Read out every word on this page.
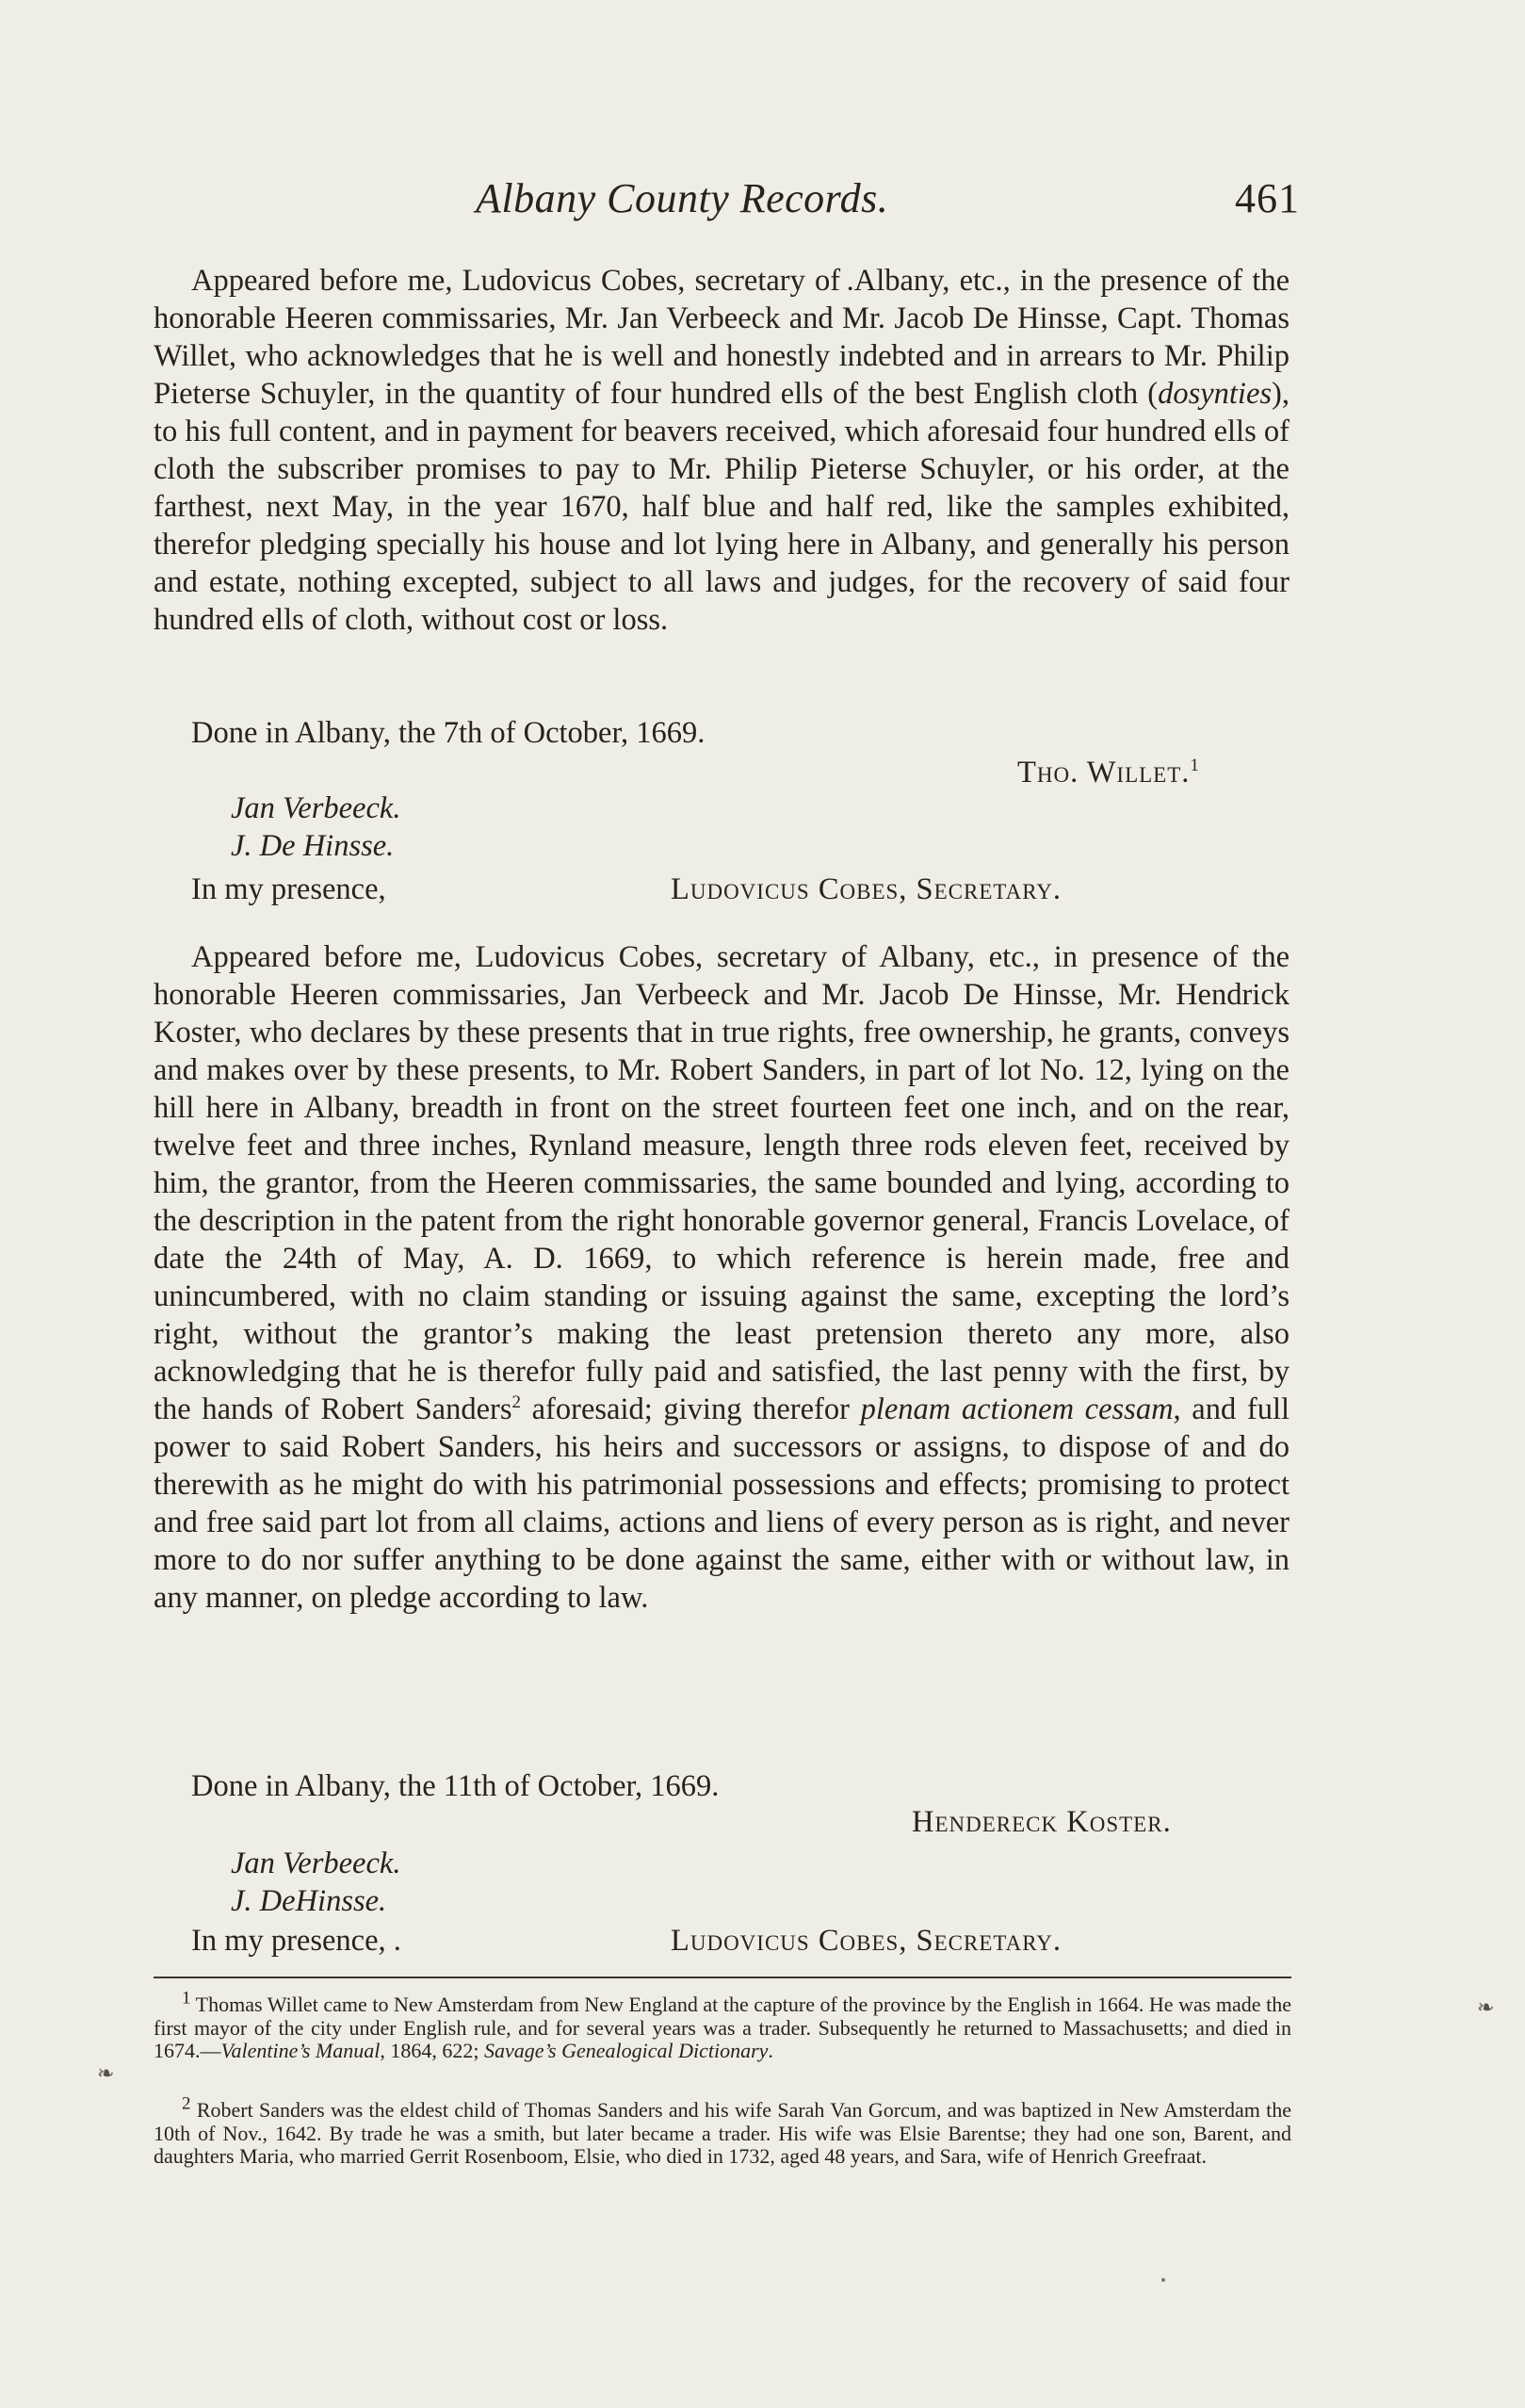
Albany County Records.	461

Appeared before me, Ludovicus Cobes, secretary of .Albany, etc., in the presence of the honorable Heeren commissaries, Mr. Jan Verbeeck and Mr. Jacob De Hinsse, Capt. Thomas Willet, who acknowledges that he is well and honestly indebted and in arrears to Mr. Philip Pieterse Schuyler, in the quantity of four hundred ells of the best English cloth (dosynties), to his full content, and in payment for beavers received, which aforesaid four hundred ells of cloth the subscriber promises to pay to Mr. Philip Pieterse Schuyler, or his order, at the farthest, next May, in the year 1670, half blue and half red, like the samples exhibited, therefor pledging specially his house and lot lying here in Albany, and generally his person and estate, nothing excepted, subject to all laws and judges, for the recovery of said four hundred ells of cloth, without cost or loss.

Done in Albany, the 7th of October, 1669.
Tho. Willet.$^1$
Jan Verbeeck.
J. De Hinsse.
In my presence,	Ludovicus Cobes, Secretary.

Appeared before me, Ludovicus Cobes, secretary of Albany, etc., in presence of the honorable Heeren commissaries, Jan Verbeeck and Mr. Jacob De Hinsse, Mr. Hendrick Koster, who declares by these presents that in true rights, free ownership, he grants, conveys and makes over by these presents, to Mr. Robert Sanders, in part of lot No. 12, lying on the hill here in Albany, breadth in front on the street fourteen feet one inch, and on the rear, twelve feet and three inches, Rynland measure, length three rods eleven feet, received by him, the grantor, from the Heeren commissaries, the same bounded and lying, according to the description in the patent from the right honorable governor general, Francis Lovelace, of date the 24th of May, A. D. 1669, to which reference is herein made, free and unincumbered, with no claim standing or issuing against the same, excepting the lord’s right, without the grantor’s making the least pretension thereto any more, also acknowledging that he is therefor fully paid and satisfied, the last penny with the first, by the hands of Robert Sanders$^2$ aforesaid; giving therefor plenam actionem cessam, and full power to said Robert Sanders, his heirs and successors or assigns, to dispose of and do therewith as he might do with his patrimonial possessions and effects; promising to protect and free said part lot from all claims, actions and liens of every person as is right, and never more to do nor suffer anything to be done against the same, either with or without law, in any manner, on pledge according to law.

Done in Albany, the 11th of October, 1669.
Hendereck Koster.
Jan Verbeeck.
J. DeHinsse.
In my presence, .	Ludovicus Cobes, Secretary.

$^1$ Thomas Willet came to New Amsterdam from New England at the capture of the province by the English in 1664. He was made the first mayor of the city under English rule, and for several years was a trader. Subsequently he returned to Massachusetts; and died in 1674.—Valentine’s Manual, 1864, 622; Savage’s Genealogical Dictionary.

$^2$ Robert Sanders was the eldest child of Thomas Sanders and his wife Sarah Van Gorcum, and was baptized in New Amsterdam the 10th of Nov., 1642. By trade he was a smith, but later became a trader. His wife was Elsie Barentse; they had one son, Barent, and daughters Maria, who married Gerrit Rosenboom, Elsie, who died in 1732, aged 48 years, and Sara, wife of Henrich Greefraat.

❧
❧
